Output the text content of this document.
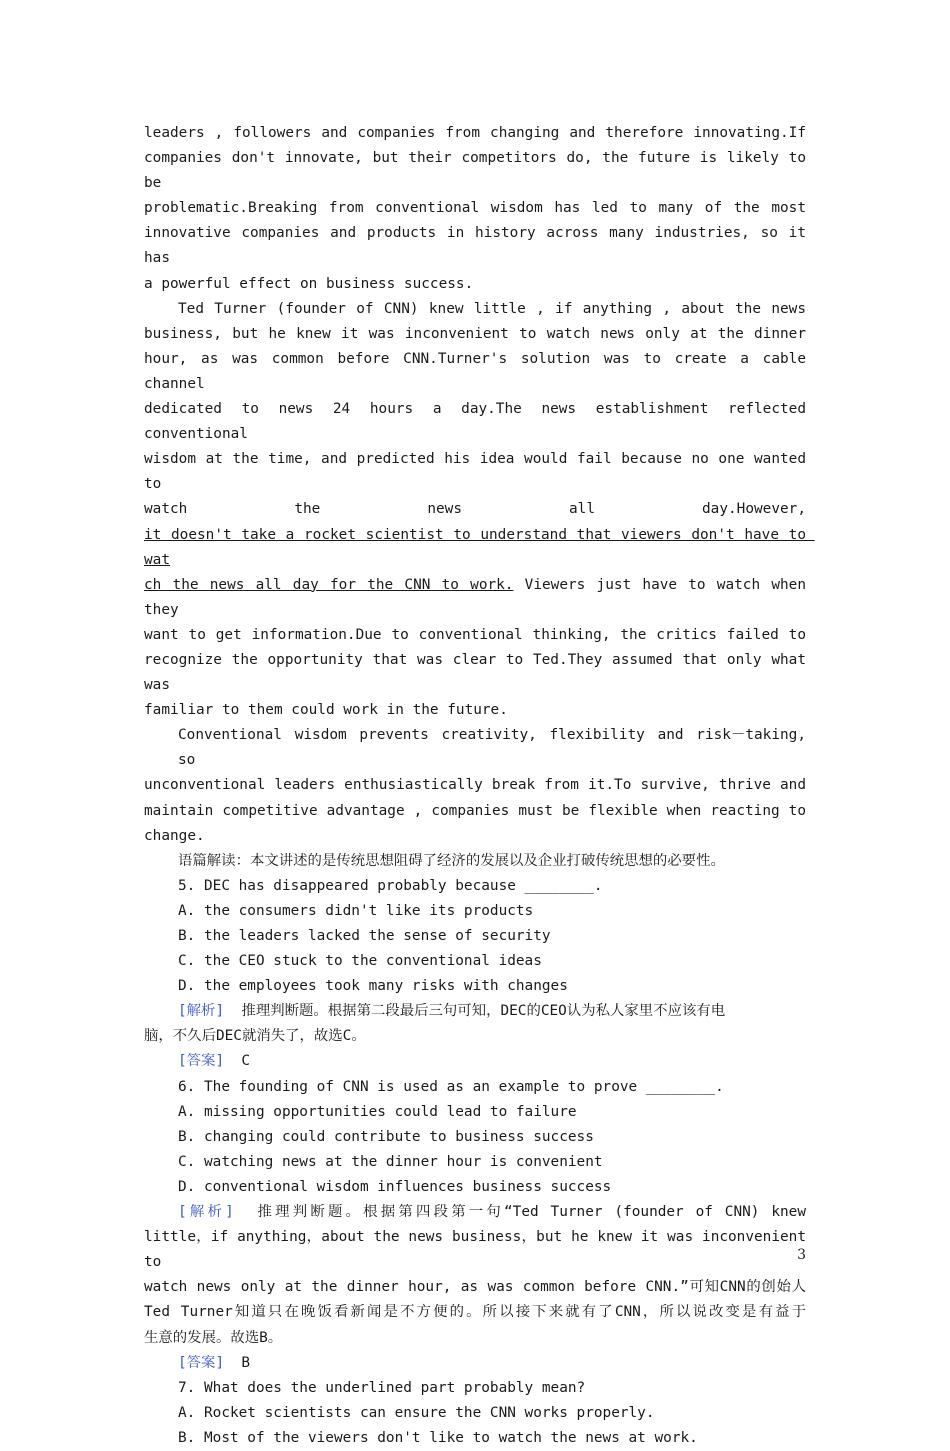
leaders , followers and companies from changing and therefore innovating.If
companies don't innovate, but their competitors do, the future is likely to be
problematic.Breaking from conventional wisdom has led to many of the most
innovative companies and products in history across many industries, so it has
a powerful effect on business success.
Ted Turner (founder of CNN) knew little , if anything , about the news
business, but he knew it was inconvenient to watch news only at the dinner
hour, as was common before CNN.Turner's solution was to create a cable channel
dedicated to news 24 hours a day.The news establishment reflected conventional
wisdom at the time, and predicted his idea would fail because no one wanted to
watch the news all day.However,
it doesn't take a rocket scientist to understand that viewers don't have to wat
ch the news all day for the CNN to work. Viewers just have to watch when they
want to get information.Due to conventional thinking, the critics failed to
recognize the opportunity that was clear to Ted.They assumed that only what was
familiar to them could work in the future.
Conventional wisdom prevents creativity, flexibility and risk－taking, so
unconventional leaders enthusiastically break from it.To survive, thrive and
maintain competitive advantage , companies must be flexible when reacting to
change.
语篇解读：本文讲述的是传统思想阻碍了经济的发展以及企业打破传统思想的必要性。
5. DEC has disappeared probably because ________.
A. the consumers didn't like its products
B. the leaders lacked the sense of security
C. the CEO stuck to the conventional ideas
D. the employees took many risks with changes
[解析]  推理判断题。根据第二段最后三句可知，DEC的CEO认为私人家里不应该有电
脑，不久后DEC就消失了，故选C。
[答案]  C
6. The founding of CNN is used as an example to prove ________.
A. missing opportunities could lead to failure
B. changing could contribute to business success
C. watching news at the dinner hour is convenient
D. conventional wisdom influences business success
[解析]  推理判断题。根据第四段第一句“Ted Turner (founder of CNN) knew
little，if anything，about the news business，but he knew it was inconvenient to
watch news only at the dinner hour, as was common before CNN.”可知CNN的创始人
Ted Turner知道只在晚饭看新闻是不方便的。所以接下来就有了CNN，所以说改变是有益于
生意的发展。故选B。
[答案]  B
7. What does the underlined part probably mean?
A. Rocket scientists can ensure the CNN works properly.
B. Most of the viewers don't like to watch the news at work.
3
